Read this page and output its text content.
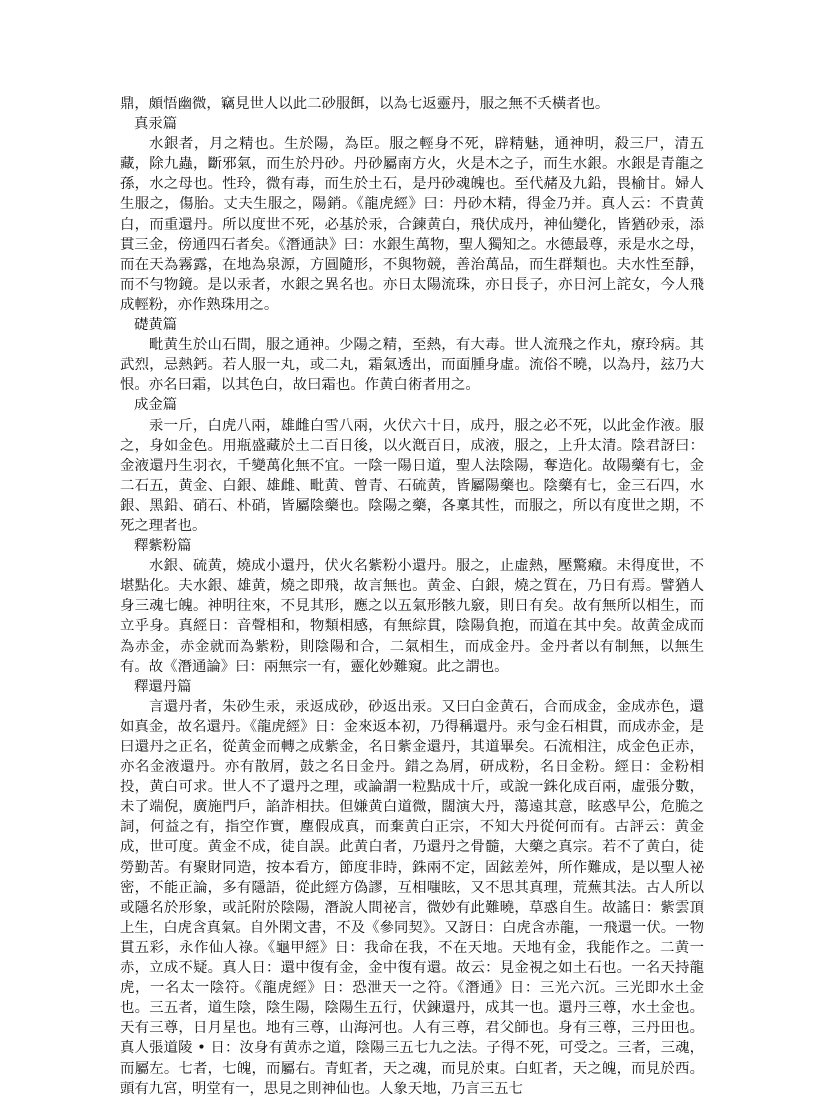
鼎，頗悟幽微，竊見世人以此二砂服餌，以為七返靈丹，服之無不夭橫者也。

真汞篇

水銀者，月之精也。生於陽，為臣。服之輕身不死，辟精魅，通神明，殺三尸，清五藏，除九蟲，斷邪氣，而生於丹砂。丹砂屬南方火，火是木之子，而生水銀。水銀是青龍之孫，水之母也。性玲，微有毒，而生於土石，是丹砂魂魄也。至代赭及九鉛，畏榆甘。婦人生服之，傷胎。丈夫生服之，陽銷。《龍虎經》曰：丹砂木精，得金乃并。真人云：不貴黄白，而重還丹。所以度世不死，必基於汞，合鍊黄白，飛伏成丹，神仙變化，皆猶砂汞，添貫三金，傍通四石者矣。《潛通訣》曰：水銀生萬物，聖人獨知之。水德最尊，汞是水之母，而在天為霧露，在地為泉源，方圓隨形，不與物競，善治萬品，而生群類也。夫水性至靜，而不勻物鏡。是以汞者，水銀之異名也。亦日太陽流珠，亦日長子，亦日河上詫女，今人飛成輕粉，亦作熟珠用之。

礎黄篇

毗黄生於山石間，服之通神。少陽之精，至熱，有大毒。世人流飛之作丸，療玲病。其武烈，忌熱鈣。若人服一丸，或二丸，霜氣透出，而面腫身虛。流俗不曉，以為丹，玆乃大恨。亦名曰霜，以其色白，故曰霜也。作黄白術者用之。

成金篇

汞一斤，白虎八兩，雄雌白雪八兩，火伏六十日，成丹，服之必不死，以此金作液。服之，身如金色。用瓶盛藏於土二百日後，以火漑百日，成液，服之，上升太清。陰君訝曰：金液還丹生羽衣，千變萬化無不宜。一陰一陽日道，聖人法陰陽，奪造化。故陽藥有七，金二石五，黄金、白銀、雄雌、毗黄、曾青、石硫黄，皆屬陽藥也。陰藥有七，金三石四，水銀、黑鉛、硝石、朴硝，皆屬陰藥也。陰陽之藥，各稟其性，而服之，所以有度世之期，不死之理者也。

釋紫粉篇

水銀、硫黄，燒成小還丹，伏火名紫粉小還丹。服之，止虛熱，壓驚癪。未得度世，不堪點化。夫水銀、雄黄，燒之即飛，故言無也。黄金、白銀，燒之質在，乃日有焉。譬猶人身三魂七魄。神明往來，不見其形，應之以五氣形骸九竅，則日有矣。故有無所以相生，而立乎身。真經日：音聲相和，物類相感，有無綜貫，陰陽負抱，而道在其中矣。故黄金成而為赤金，赤金就而為紫粉，則陰陽和合，二氣相生，而成金丹。金丹者以有制無，以無生有。故《潛通論》曰：兩無宗一有，靈化妙難窺。此之謂也。

釋還丹篇

言還丹者，朱砂生汞，汞返成砂，砂返出汞。又曰白金黄石，合而成金，金成赤色，還如真金，故名還丹。《龍虎經》日：金來返本初，乃得稱還丹。汞勻金石相貫，而成赤金，是曰還丹之正名，從黄金而轉之成紫金，名日紫金還丹，其道畢矣。石流相注，成金色正赤，亦名金液還丹。亦有散屑，鼓之名日金丹。錯之為屑，研成粉，名日金粉。經日：金粉相投，黄白可求。世人不了還丹之理，或論謂一粒點成十斤，或說一銖化成百兩，虛張分數，未了端倪，廣施門戶，諂詐相扶。但嫌黄白道微，闊演大丹，蕩遠其意，眩惑早公，危脆之詞，何益之有，指空作實，塵假成真，而棄黄白正宗，不知大丹從何而有。古評云：黄金成，世可度。黄金不成，徒自誤。此黄白者，乃還丹之骨髓，大藥之真宗。若不了黄白，徒勞勤苦。有聚財同造，按本看方，節度非時，銖兩不定，固鉉差舛，所作難成，是以聖人祕密，不能正論，多有隱語，從此經方偽謬，互相嗤眩，又不思其真理，荒蕪其法。古人所以或隱名於形象，或託附於陰陽，潛說人間祕言，微妙有此難曉，草惑自生。故謠日：紫雲頂上生，白虎含真氣。自外閑文書，不及《參同契》。又訝日：白虎含赤龍，一飛還一伏。一物貫五彩，永作仙人祿。《龜甲經》日：我命在我，不在天地。天地有金，我能作之。二黄一赤，立成不疑。真人日：還中復有金，金中復有還。故云：見金視之如土石也。一名天持龍虎，一名太一陰符。《龍虎經》日：恐泄天一之符。《潛通》日：三光六沉。三光即水土金也。三五者，道生陰，陰生陽，陰陽生五行，伏鍊還丹，成其一也。還丹三尊，水土金也。天有三尊，日月星也。地有三尊，山海河也。人有三尊，君父師也。身有三尊，三丹田也。真人張道陵 • 日：汝身有黄赤之道，陰陽三五七九之法。子得不死，可受之。三者，三魂，而屬左。七者，七魄，而屬右。青虹者，天之魂，而見於東。白虹者，天之魄，而見於西。頭有九宮，明堂有一，思見之則神仙也。人象天地，乃言三五七
